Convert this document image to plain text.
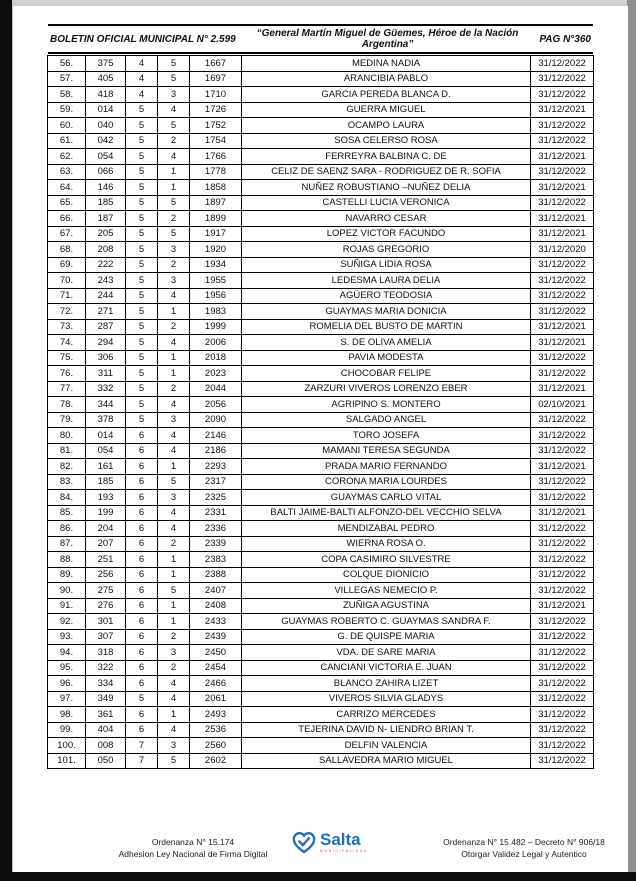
BOLETIN OFICIAL MUNICIPAL N° 2.599	“General Martín Miguel de Güemes, Héroe de la Nación Argentina”	PAG N°360
56.	375	4	5	1667	MEDINA NADIA	31/12/2022
57.	405	4	5	1697	ARANCIBIA PABLO	31/12/2022
58.	418	4	3	1710	GARCIA PEREDA BLANCA D.	31/12/2022
59.	014	5	4	1726	GUERRA MIGUEL	31/12/2021
60.	040	5	5	1752	OCAMPO LAURA	31/12/2022
61.	042	5	2	1754	SOSA CELERSO ROSA	31/12/2022
62.	054	5	4	1766	FERREYRA BALBINA C. DE	31/12/2021
63.	066	5	1	1778	CELIZ DE SAENZ SARA - RODRIGUEZ DE R. SOFIA	31/12/2022
64.	146	5	1	1858	NUÑEZ ROBUSTIANO –NUÑEZ DELIA	31/12/2021
65.	185	5	5	1897	CASTELLI LUCIA VERONICA	31/12/2022
66.	187	5	2	1899	NAVARRO CESAR	31/12/2021
67.	205	5	5	1917	LOPEZ VICTOR FACUNDO	31/12/2021
68.	208	5	3	1920	ROJAS GREGORIO	31/12/2020
69.	222	5	2	1934	SUÑIGA LIDIA ROSA	31/12/2022
70.	243	5	3	1955	LEDESMA LAURA DELIA	31/12/2022
71.	244	5	4	1956	AGÜERO TEODOSIA	31/12/2022
72.	271	5	1	1983	GUAYMAS MARIA DONICIA	31/12/2022
73.	287	5	2	1999	ROMELIA DEL BUSTO DE MARTIN	31/12/2021
74.	294	5	4	2006	S. DE OLIVA AMELIA	31/12/2021
75.	306	5	1	2018	PAVIA MODESTA	31/12/2022
76.	311	5	1	2023	CHOCOBAR FELIPE	31/12/2022
77.	332	5	2	2044	ZARZURI VIVEROS LORENZO EBER	31/12/2021
78.	344	5	4	2056	AGRIPINO S. MONTERO	02/10/2021
79.	378	5	3	2090	SALGADO ANGEL	31/12/2022
80.	014	6	4	2146	TORO JOSEFA	31/12/2022
81.	054	6	4	2186	MAMANI TERESA SEGUNDA	31/12/2022
82.	161	6	1	2293	PRADA MARIO FERNANDO	31/12/2021
83.	185	6	5	2317	CORONA MARIA LOURDES	31/12/2022
84.	193	6	3	2325	GUAYMAS CARLO VITAL	31/12/2022
85.	199	6	4	2331	BALTI JAIME-BALTI ALFONZO-DEL VECCHIO SELVA	31/12/2021
86.	204	6	4	2336	MENDIZABAL PEDRO	31/12/2022
87.	207	6	2	2339	WIERNA ROSA O.	31/12/2022
88.	251	6	1	2383	COPA CASIMIRO SILVESTRE	31/12/2022
89.	256	6	1	2388	COLQUE DIONICIO	31/12/2022
90.	275	6	5	2407	VILLEGAS NEMECIO P.	31/12/2022
91.	276	6	1	2408	ZUÑIGA AGUSTINA	31/12/2021
92.	301	6	1	2433	GUAYMAS ROBERTO C. GUAYMAS SANDRA F.	31/12/2022
93.	307	6	2	2439	G. DE QUISPE MARIA	31/12/2022
94.	318	6	3	2450	VDA. DE SARE MARIA	31/12/2022
95.	322	6	2	2454	CANCIANI VICTORIA E. JUAN	31/12/2022
96.	334	6	4	2466	BLANCO ZAHIRA LIZET	31/12/2022
97.	349	5	4	2061	VIVEROS SILVIA GLADYS	31/12/2022
98.	361	6	1	2493	CARRIZO MERCEDES	31/12/2022
99.	404	6	4	2536	TEJERINA DAVID N- LIENDRO BRIAN T.	31/12/2022
100.	008	7	3	2560	DELFIN VALENCIA	31/12/2022
101.	050	7	5	2602	SALLAVEDRA MARIO MIGUEL	31/12/2022
Ordenanza N° 15.174
Adhesion Ley Nacional de Firma Digital
Salta
MUNICIPALIDAD
Ordenanza N° 15.482 – Decreto N° 906/18
Otorgar Validez Legal y Autentico
